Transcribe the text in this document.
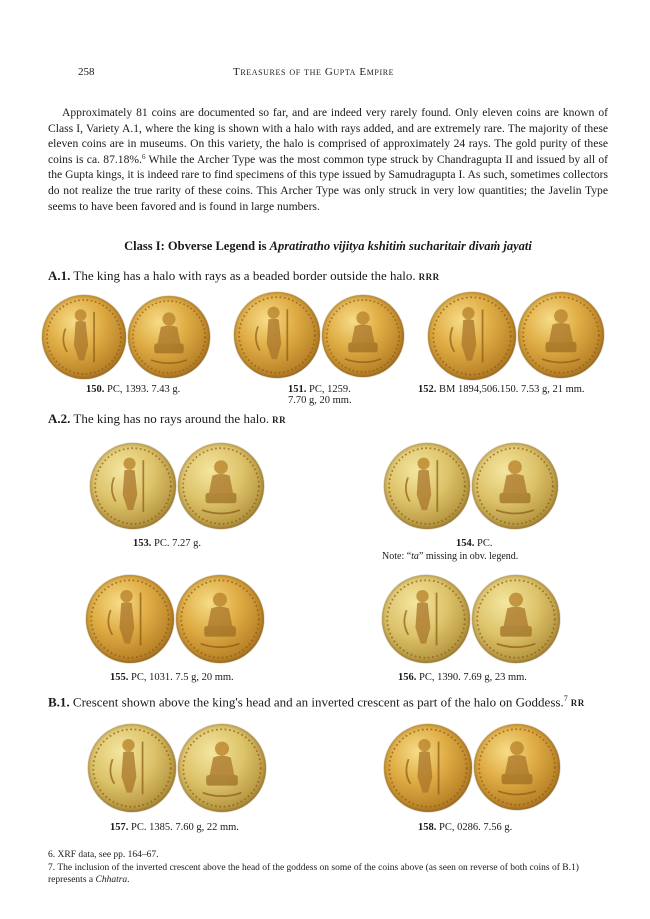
258	Treasures of the Gupta Empire

Approximately 81 coins are documented so far, and are indeed very rarely found. Only eleven coins are known of Class I, Variety A.1, where the king is shown with a halo with rays added, and are extremely rare. The majority of these eleven coins are in museums. On this variety, the halo is comprised of approximately 24 rays. The gold purity of these coins is ca. 87.18%.$^6$ While the Archer Type was the most common type struck by Chandragupta II and issued by all of the Gupta kings, it is indeed rare to find specimens of this type issued by Samudragupta I. As such, sometimes collectors do not realize the true rarity of these coins. This Archer Type was only struck in very low quantities; the Javelin Type seems to have been favored and is found in large numbers.

Class I: Obverse Legend is Apratiratho vijitya kshitiṁ sucharitair divaṁ jayati
A.1. The king has a halo with rays as a beaded border outside the halo. RRR
150. PC, 1393. 7.43 g.	151. PC, 1259.
7.70 g, 20 mm.
152. BM 1894,506.150. 7.53 g, 21 mm.
A.2. The king has no rays around the halo. RR
153. PC. 7.27 g.	154. PC.
Note: “ta” missing in obv. legend.
155. PC, 1031. 7.5 g, 20 mm.	156. PC, 1390. 7.69 g, 23 mm.
B.1. Crescent shown above the king's head and an inverted crescent as part of the halo on Goddess.$^7$ RR
157. PC. 1385. 7.60 g, 22 mm.	158. PC, 0286. 7.56 g.
6. XRF data, see pp. 164–67.
7. The inclusion of the inverted crescent above the head of the goddess on some of the coins above (as seen on reverse of both coins of B.1) represents a Chhatra.
